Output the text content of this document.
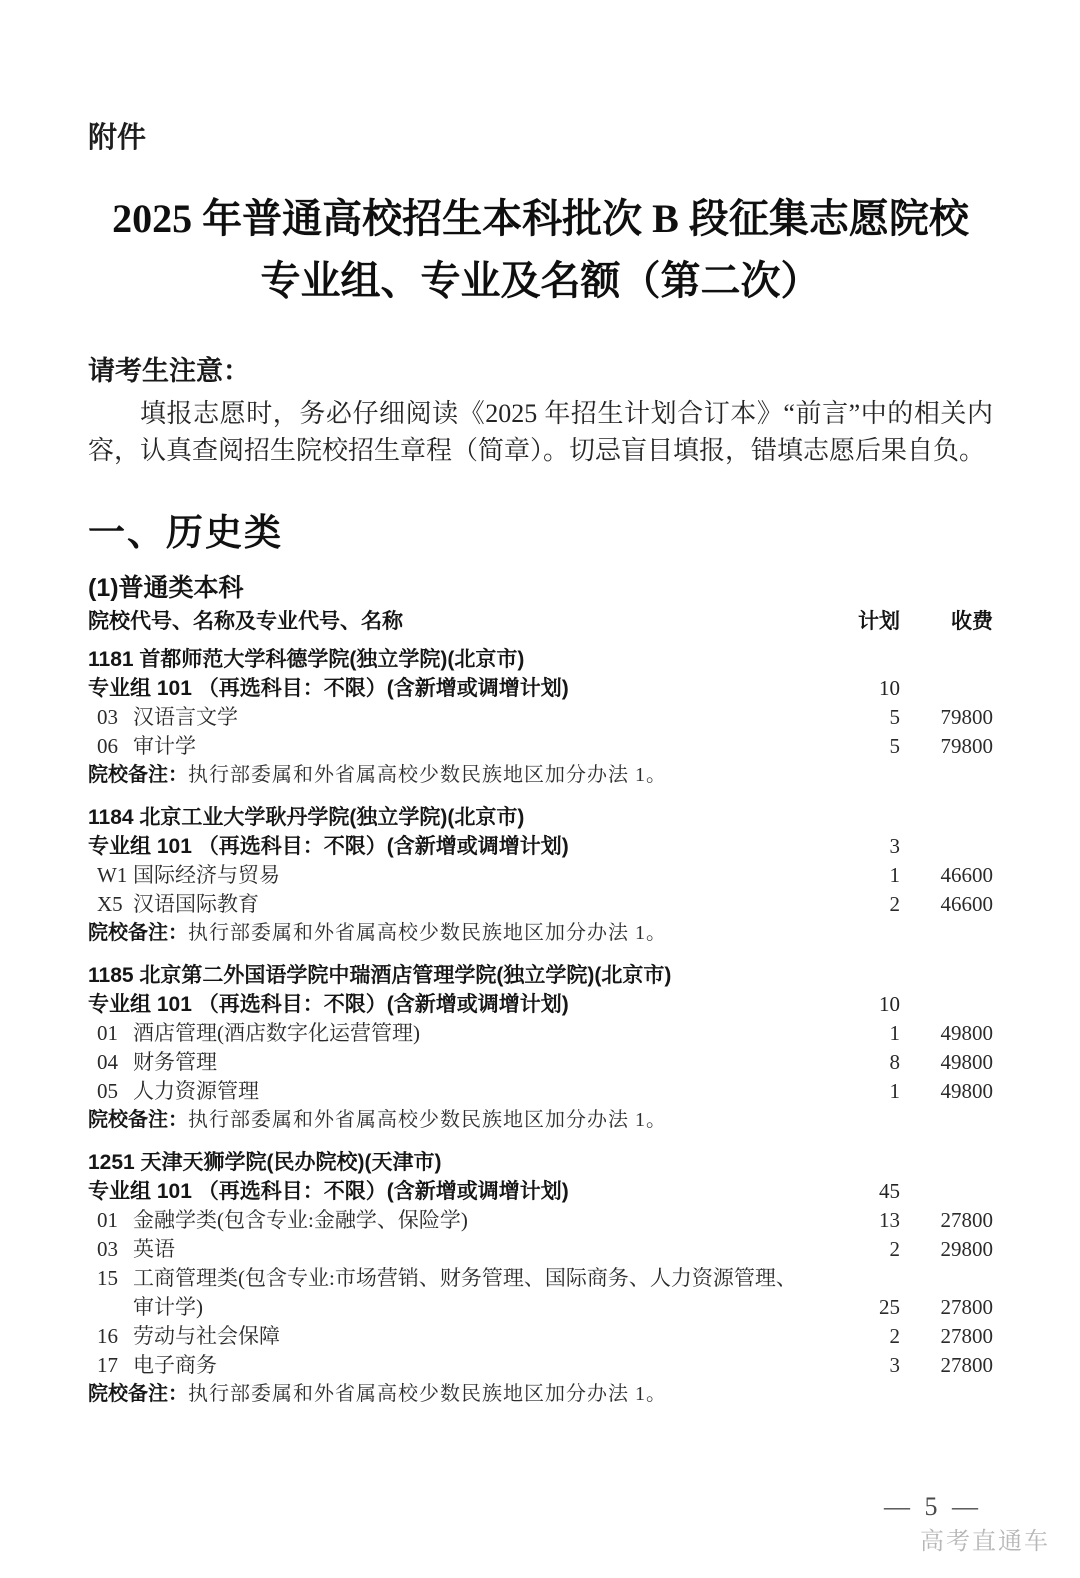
附件

2025 年普通高校招生本科批次 B 段征集志愿院校
专业组、专业及名额（第二次）
请考生注意：
填报志愿时，务必仔细阅读《2025 年招生计划合订本》“前言”中的相关内容，认真查阅招生院校招生章程（简章）。切忌盲目填报，错填志愿后果自负。
一、历史类
(1)普通类本科
院校代号、名称及专业代号、名称	计划	收费
1181 首都师范大学科德学院(独立学院)(北京市)
专业组 101 （再选科目：不限）(含新增或调增计划)	10
03 汉语言文学	5	79800
06 审计学	5	79800
院校备注： 执行部委属和外省属高校少数民族地区加分办法 1。
1184 北京工业大学耿丹学院(独立学院)(北京市)
专业组 101 （再选科目：不限）(含新增或调增计划)	3
W1 国际经济与贸易	1	46600
X5 汉语国际教育	2	46600
院校备注： 执行部委属和外省属高校少数民族地区加分办法 1。
1185 北京第二外国语学院中瑞酒店管理学院(独立学院)(北京市)
专业组 101 （再选科目：不限）(含新增或调增计划)	10
01 酒店管理(酒店数字化运营管理)	1	49800
04 财务管理	8	49800
05 人力资源管理	1	49800
院校备注： 执行部委属和外省属高校少数民族地区加分办法 1。
1251 天津天狮学院(民办院校)(天津市)
专业组 101 （再选科目：不限）(含新增或调增计划)	45
01 金融学类(包含专业:金融学、保险学)	13	27800
03 英语	2	29800
15 工商管理类(包含专业:市场营销、财务管理、国际商务、人力资源管理、审计学)	25	27800
16 劳动与社会保障	2	27800
17 电子商务	3	27800
院校备注： 执行部委属和外省属高校少数民族地区加分办法 1。
— 5 —
高考直通车
